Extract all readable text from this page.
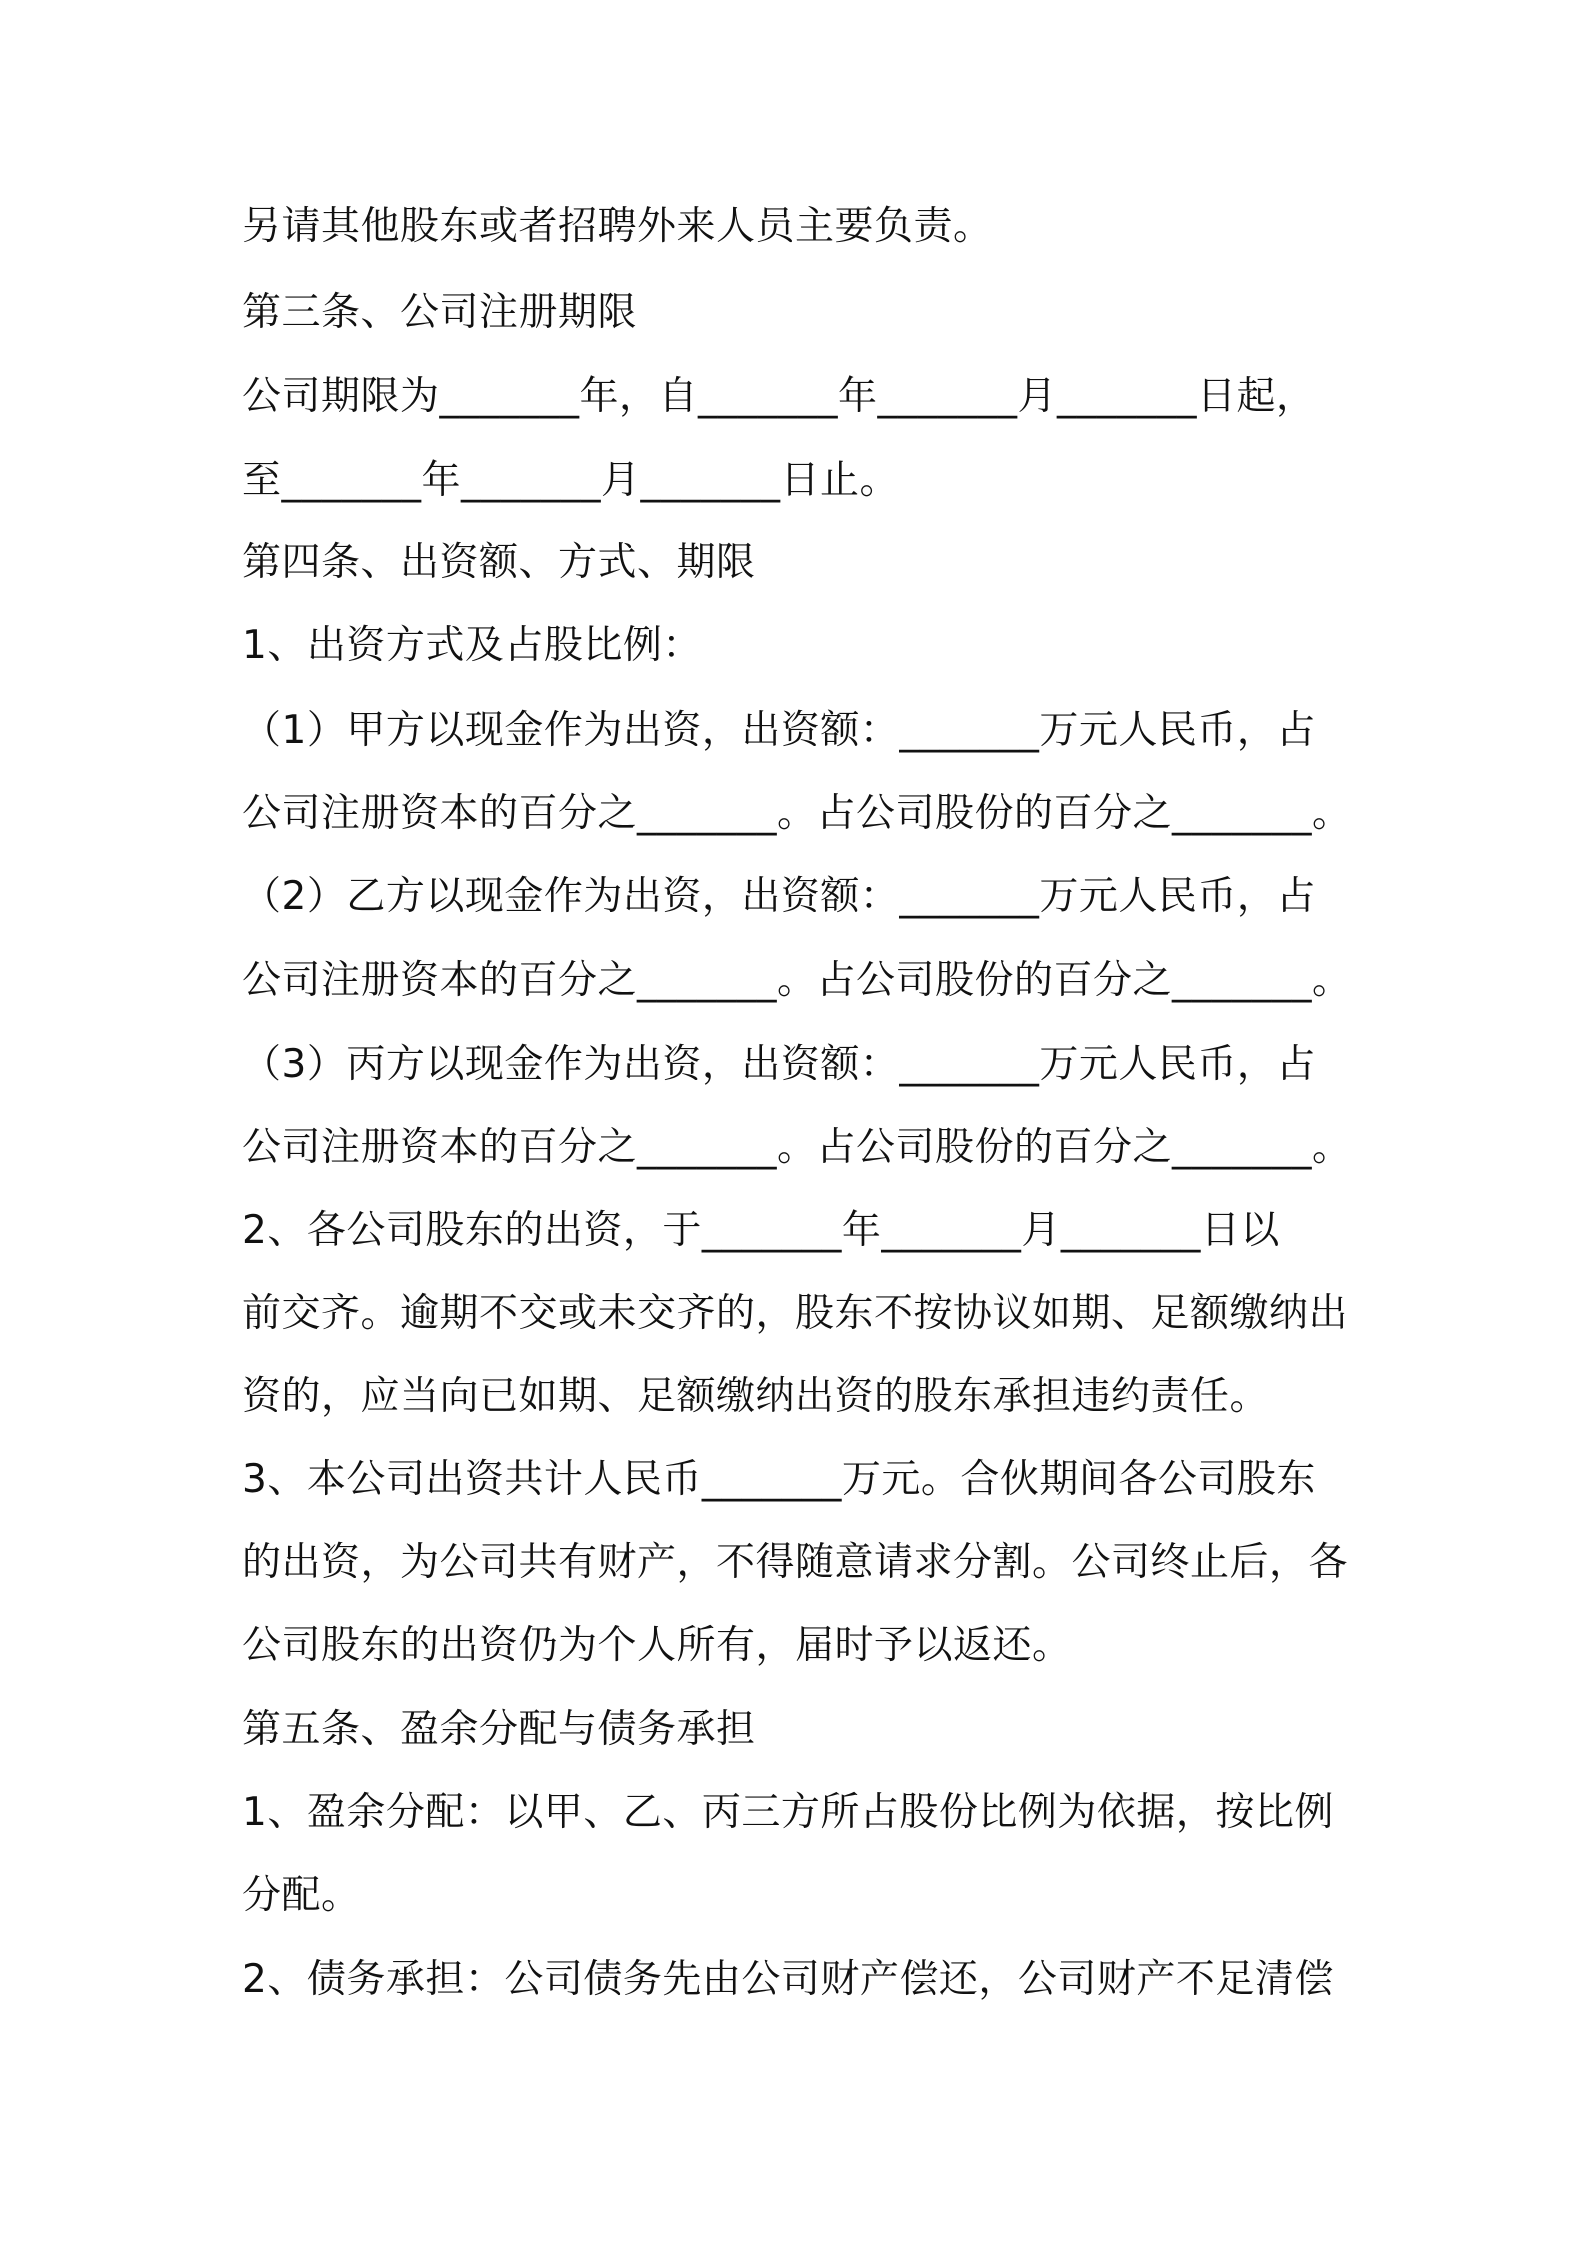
另请其他股东或者招聘外来人员主要负责。
第三条、公司注册期限
公司期限为_______年，自_______年_______月_______日起，
至_______年_______月_______日止。
第四条、出资额、方式、期限
1、出资方式及占股比例：
（1）甲方以现金作为出资，出资额：_______万元人民币，占
公司注册资本的百分之_______。占公司股份的百分之_______。
（2）乙方以现金作为出资，出资额：_______万元人民币，占
公司注册资本的百分之_______。占公司股份的百分之_______。
（3）丙方以现金作为出资，出资额：_______万元人民币，占
公司注册资本的百分之_______。占公司股份的百分之_______。
2、各公司股东的出资，于_______年_______月_______日以
前交齐。逾期不交或未交齐的，股东不按协议如期、足额缴纳出
资的，应当向已如期、足额缴纳出资的股东承担违约责任。
3、本公司出资共计人民币_______万元。合伙期间各公司股东
的出资，为公司共有财产，不得随意请求分割。公司终止后，各
公司股东的出资仍为个人所有，届时予以返还。
第五条、盈余分配与债务承担
1、盈余分配：以甲、乙、丙三方所占股份比例为依据，按比例
分配。
2、债务承担：公司债务先由公司财产偿还，公司财产不足清偿
